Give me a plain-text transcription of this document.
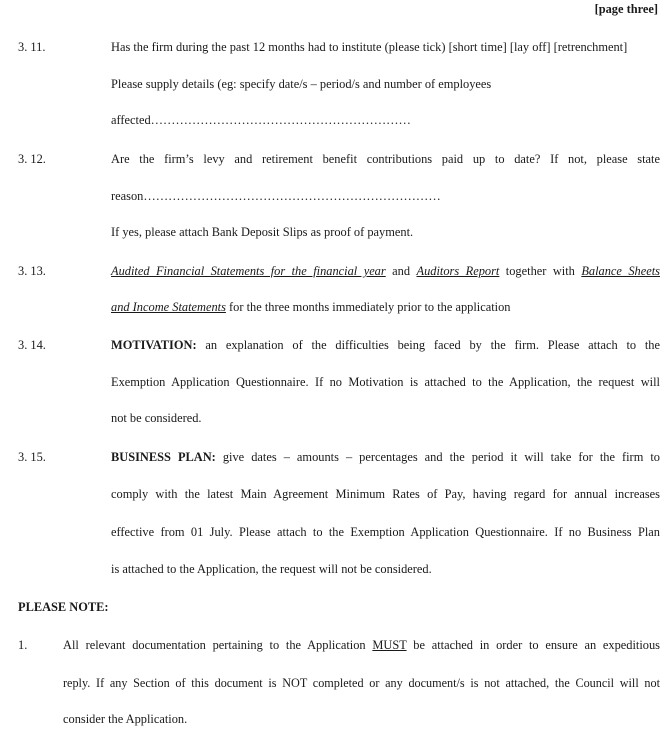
[page three]
3. 11.	Has the firm during the past 12 months had to institute (please tick) [short time] [lay off] [retrenchment]
Please supply details (eg: specify date/s – period/s and number of employees
affected………………………………………………………
3. 12.	Are the firm’s levy and retirement benefit contributions paid up to date? If not, please state
reason………………………………………………………………
If yes, please attach Bank Deposit Slips as proof of payment.
3. 13.	Audited Financial Statements for the financial year and Auditors Report together with Balance Sheets
and Income Statements for the three months immediately prior to the application
3. 14.	MOTIVATION: an explanation of the difficulties being faced by the firm. Please attach to the
Exemption Application Questionnaire. If no Motivation is attached to the Application, the request will
not be considered.
3. 15.	BUSINESS PLAN: give dates – amounts – percentages and the period it will take for the firm to
comply with the latest Main Agreement Minimum Rates of Pay, having regard for annual increases
effective from 01 July. Please attach to the Exemption Application Questionnaire. If no Business Plan
is attached to the Application, the request will not be considered.
PLEASE NOTE:
1.	All relevant documentation pertaining to the Application MUST be attached in order to ensure an expeditious
reply. If any Section of this document is NOT completed or any document/s is not attached, the Council will not
consider the Application.
